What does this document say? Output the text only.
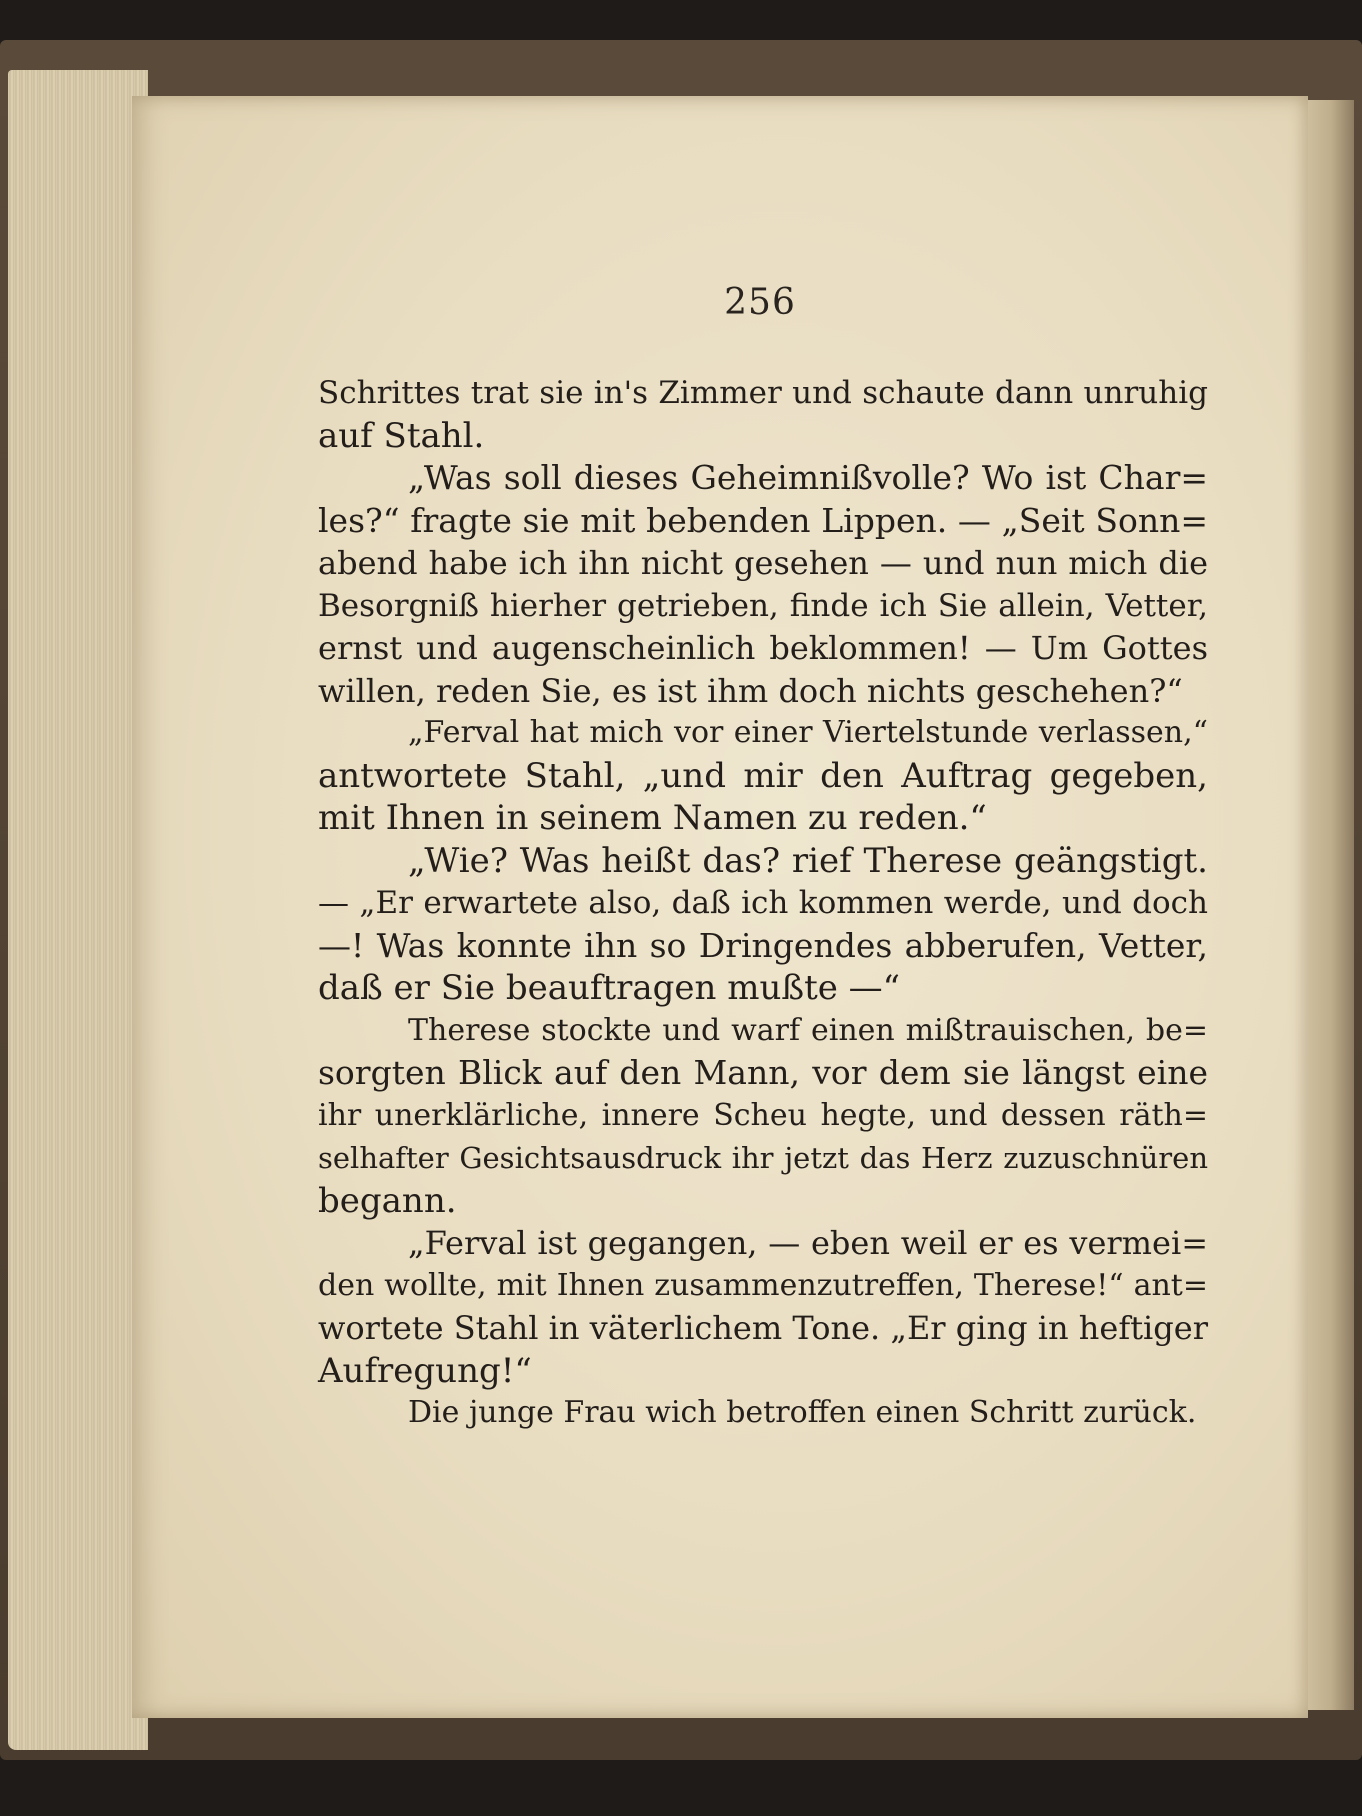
256
Schrittes trat sie in's Zimmer und schaute dann unruhig
auf Stahl.
„Was soll dieses Geheimnißvolle? Wo ist Char=
les?“ fragte sie mit bebenden Lippen. — „Seit Sonn=
abend habe ich ihn nicht gesehen — und nun mich die
Besorgniß hierher getrieben, finde ich Sie allein, Vetter,
ernst und augenscheinlich beklommen! — Um Gottes
willen, reden Sie, es ist ihm doch nichts geschehen?“
„Ferval hat mich vor einer Viertelstunde verlassen,“
antwortete Stahl, „und mir den Auftrag gegeben,
mit Ihnen in seinem Namen zu reden.“
„Wie? Was heißt das? rief Therese geängstigt.
— „Er erwartete also, daß ich kommen werde, und doch
—! Was konnte ihn so Dringendes abberufen, Vetter,
daß er Sie beauftragen mußte —“
Therese stockte und warf einen mißtrauischen, be=
sorgten Blick auf den Mann, vor dem sie längst eine
ihr unerklärliche, innere Scheu hegte, und dessen räth=
selhafter Gesichtsausdruck ihr jetzt das Herz zuzuschnüren
begann.
„Ferval ist gegangen, — eben weil er es vermei=
den wollte, mit Ihnen zusammenzutreffen, Therese!“ ant=
wortete Stahl in väterlichem Tone. „Er ging in heftiger
Aufregung!“
Die junge Frau wich betroffen einen Schritt zurück.
